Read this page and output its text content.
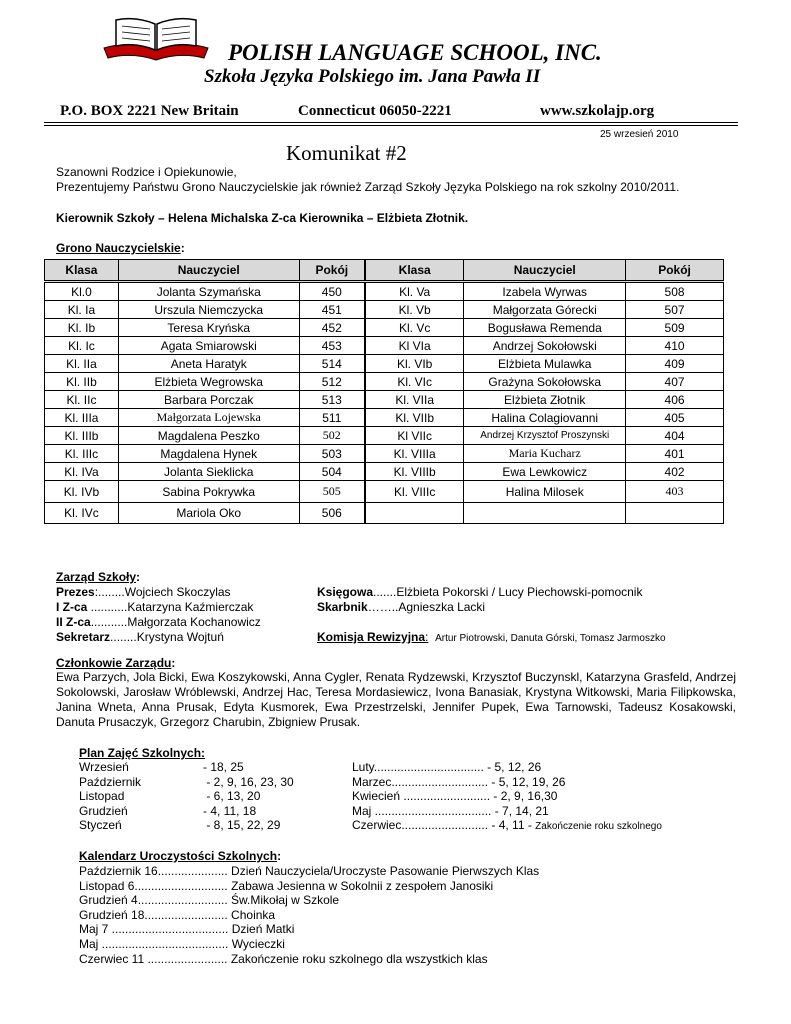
POLISH LANGUAGE SCHOOL, INC.
Szkoła Języka Polskiego im. Jana Pawła II
P.O. BOX 2221 New Britain	Connecticut 06050-2221	www.szkolajp.org
25 wrzesień 2010
Komunikat #2
Szanowni Rodzice i Opiekunowie,
Prezentujemy Państwu Grono Nauczycielskie jak również Zarząd Szkoły Języka Polskiego na rok szkolny 2010/2011.
Kierownik Szkoły – Helena Michalska Z-ca Kierownika – Elżbieta Złotnik.
Grono Nauczycielskie:
Klasa	Nauczyciel	Pokój	Klasa	Nauczyciel	Pokój
Kl.0	Jolanta Szymańska	450	Kl. Va	Izabela Wyrwas	508
Kl. Ia	Urszula Niemczycka	451	Kl. Vb	Małgorzata Górecki	507
Kl. Ib	Teresa Kryńska	452	Kl. Vc	Bogusława Remenda	509
Kl. Ic	Agata Smiarowski	453	Kl VIa	Andrzej Sokołowski	410
Kl. IIa	Aneta Haratyk	514	Kl. VIb	Elżbieta Mulawka	409
Kl. IIb	Elżbieta Wegrowska	512	Kl. VIc	Grażyna Sokołowska	407
Kl. IIc	Barbara Porczak	513	Kl. VIIa	Elżbieta Złotnik	406
Kl. IIIa	Małgorzata Lojewska	511	Kl. VIIb	Halina Colagiovanni	405
Kl. IIIb	Magdalena Peszko	502	Kl VIIc	Andrzej Krzysztof Proszynski	404
Kl. IIIc	Magdalena Hynek	503	Kl. VIIIa	Maria Kucharz	401
Kl. IVa	Jolanta Sieklicka	504	Kl. VIIIb	Ewa Lewkowicz	402
Kl. IVb	Sabina Pokrywka	505	Kl. VIIIc	Halina Milosek	403
Kl. IVc	Mariola Oko	506			
Zarząd Szkoły:
Prezes:........Wojciech Skoczylas
I Z-ca ...........Katarzyna Kaźmierczak
II Z-ca...........Małgorzata Kochanowicz
Sekretarz........Krystyna Wojtuń
Księgowa.......Elżbieta Pokorski / Lucy Piechowski-pomocnik
Skarbnik……..Agnieszka Lacki
Komisja Rewizyjna: Artur Piotrowski, Danuta Górski, Tomasz Jarmoszko
Członkowie Zarządu:
Ewa Parzych, Jola Bicki, Ewa Koszykowski, Anna Cygler, Renata Rydzewski, Krzysztof Buczynskl, Katarzyna Grasfeld, Andrzej Sokolowski, Jarosław Wróblewski, Andrzej Hac, Teresa Mordasiewicz, Ivona Banasiak, Krystyna Witkowski, Maria Filipkowska, Janina Wneta, Anna Prusak, Edyta Kusmorek, Ewa Przestrzelski, Jennifer Pupek, Ewa Tarnowski, Tadeusz Kosakowski, Danuta Prusaczyk, Grzegorz Charubin, Zbigniew Prusak.
Plan Zajęć Szkolnych:
Wrzesień	- 18, 25
Październik	- 2, 9, 16, 23, 30
Listopad	- 6, 13, 20
Grudzień	- 4, 11, 18
Styczeń	- 8, 15, 22, 29
Luty................................. - 5, 12, 26
Marzec............................. - 5, 12, 19, 26
Kwiecień .......................... - 2, 9, 16,30
Maj ................................... - 7, 14, 21
Czerwiec.......................... - 4, 11 - Zakończenie roku szkolnego
Kalendarz Uroczystości Szkolnych:
Październik 16..................... Dzień Nauczyciela/Uroczyste Pasowanie Pierwszych Klas
Listopad 6............................ Zabawa Jesienna w Sokolnii z zespołem Janosiki
Grudzień 4........................... Św.Mikołaj w Szkole
Grudzień 18......................... Choinka
Maj 7 ................................... Dzień Matki
Maj ...................................... Wycieczki
Czerwiec 11 ........................ Zakończenie roku szkolnego dla wszystkich klas
